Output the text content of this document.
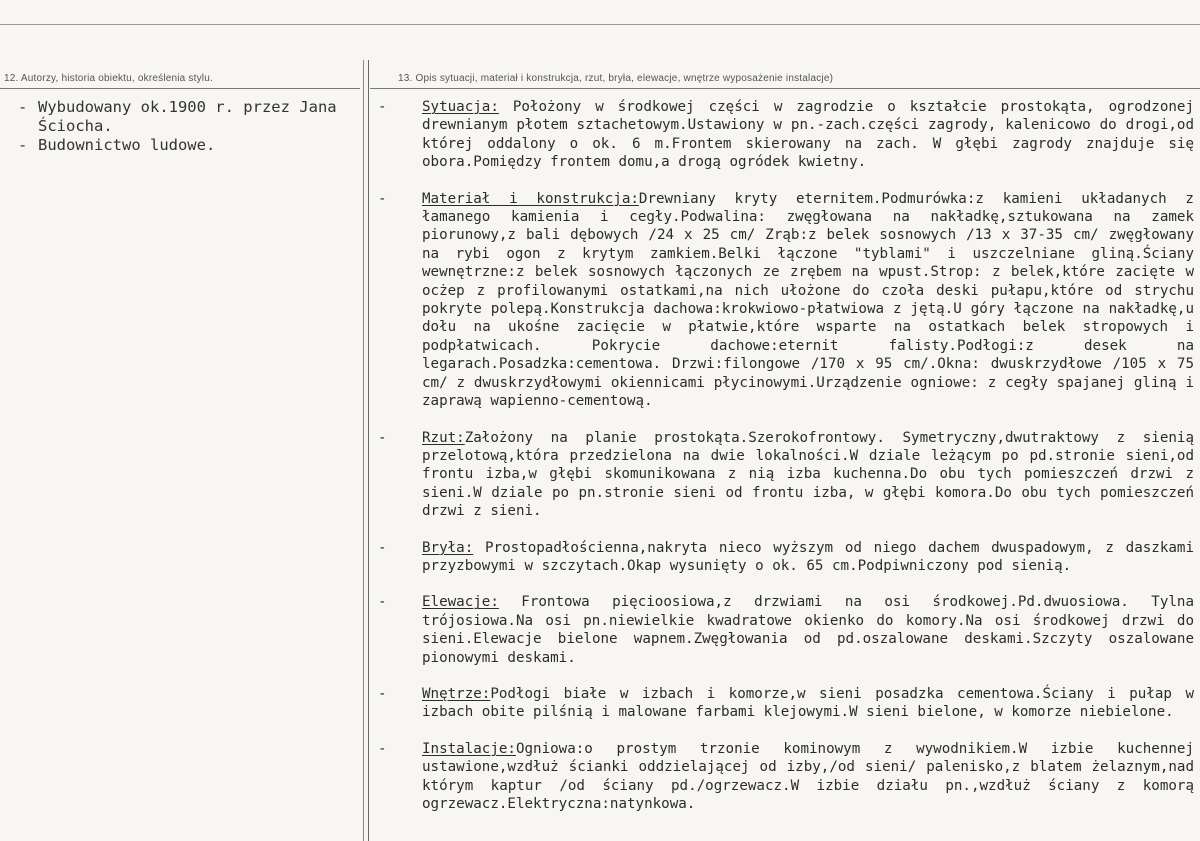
12. Autorzy, historia obiektu, określenia stylu.	13. Opis sytuacji, materiał i konstrukcja, rzut, bryła, elewacje, wnętrze wyposażenie instalacje)
- Wybudowany ok.1900 r. przez Jana Ściocha.
- Budownictwo ludowe.
-	Sytuacja: Położony w środkowej części w zagrodzie o kształcie prostokąta, ogrodzonej drewnianym płotem sztachetowym.Ustawiony w pn.-zach.części zagrody, kalenicowo do drogi,od której oddalony o ok. 6 m.Frontem skierowany na zach. W głębi zagrody znajduje się obora.Pomiędzy frontem domu,a drogą ogródek kwietny.
-	Materiał i konstrukcja:Drewniany kryty eternitem.Podmurówka:z kamieni układanych z łamanego kamienia i cegły.Podwalina: zwęgłowana na nakładkę,sztukowana na zamek piorunowy,z bali dębowych /24 x 25 cm/ Zrąb:z belek sosnowych /13 x 37-35 cm/ zwęgłowany na rybi ogon z krytym zamkiem.Belki łączone "tyblami" i uszczelniane gliną.Ściany wewnętrzne:z belek sosnowych łączonych ze zrębem na wpust.Strop: z belek,które zacięte w ocżep z profilowanymi ostatkami,na nich ułożone do czoła deski pułapu,które od strychu pokryte polepą.Konstrukcja dachowa:krokwiowo-płatwiowa z jętą.U góry łączone na nakładkę,u dołu na ukośne zacięcie w płatwie,które wsparte na ostatkach belek stropowych i podpłatwicach. Pokrycie dachowe:eternit falisty.Podłogi:z desek na legarach.Posadzka:cementowa. Drzwi:filongowe /170 x 95 cm/.Okna: dwuskrzydłowe /105 x 75 cm/ z dwuskrzydłowymi okiennicami płycinowymi.Urządzenie ogniowe: z cegły spajanej gliną i zaprawą wapienno-cementową.
-	Rzut:Założony na planie prostokąta.Szerokofrontowy. Symetryczny,dwutraktowy z sienią przelotową,która przedzielona na dwie lokalności.W dziale leżącym po pd.stronie sieni,od frontu izba,w głębi skomunikowana z nią izba kuchenna.Do obu tych pomieszczeń drzwi z sieni.W dziale po pn.stronie sieni od frontu izba, w głębi komora.Do obu tych pomieszczeń drzwi z sieni.
-	Bryła: Prostopadłościenna,nakryta nieco wyższym od niego dachem dwuspadowym, z daszkami przyzbowymi w szczytach.Okap wysunięty o ok. 65 cm.Podpiwniczony pod sienią.
-	Elewacje: Frontowa pięcioosiowa,z drzwiami na osi środkowej.Pd.dwuosiowa. Tylna trójosiowa.Na osi pn.niewielkie kwadratowe okienko do komory.Na osi środkowej drzwi do sieni.Elewacje bielone wapnem.Zwęgłowania od pd.oszalowane deskami.Szczyty oszalowane pionowymi deskami.
-	Wnętrze:Podłogi białe w izbach i komorze,w sieni posadzka cementowa.Ściany i pułap w izbach obite pilśnią i malowane farbami klejowymi.W sieni bielone, w komorze niebielone.
-	Instalacje:Ogniowa:o prostym trzonie kominowym z wywodnikiem.W izbie kuchennej ustawione,wzdłuż ścianki oddzielającej od izby,/od sieni/ palenisko,z blatem żelaznym,nad którym kaptur /od ściany pd./ogrzewacz.W izbie działu pn.,wzdłuż ściany z komorą ogrzewacz.Elektryczna:natynkowa.
